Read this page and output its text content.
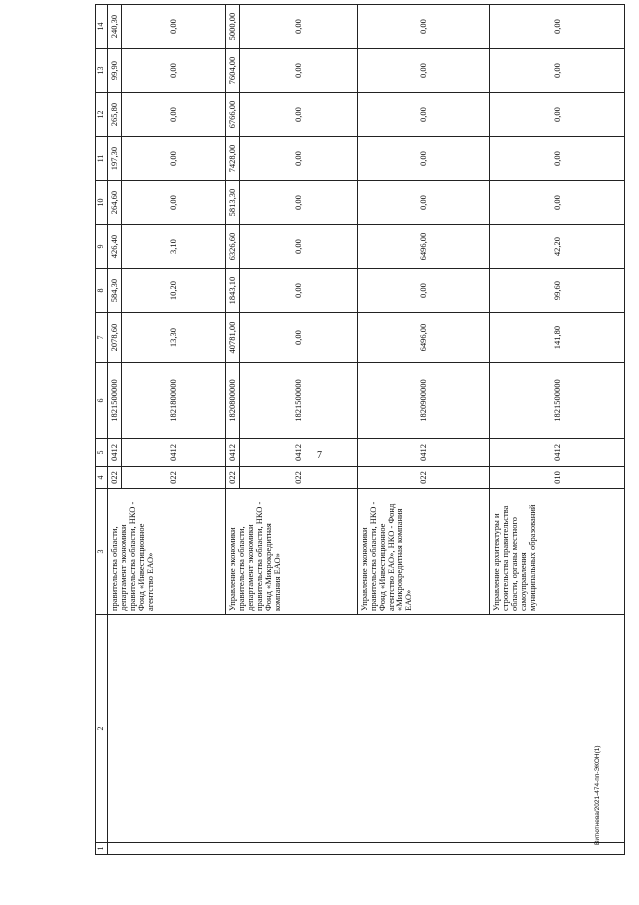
7
1	2	3	4	5	6	7	8	9	10	11	12	13	14
		правительства области, департамент экономики правительства области, НКО - Фонд «Инвестиционное агентство ЕАО»	022	0412	1821500000	2078,60	584,30	426,40	264,60	197,30	265,80	99,90	240,30
			022	0412	1821800000	13,30	10,20	3,10	0,00	0,00	0,00	0,00	0,00
		Управление экономики правительства области, департамент экономики правительства области, НКО - Фонд «Микрокредитная компания ЕАО»	022	0412	1820800000	40781,00	1843,10	6326,60	5813,30	7428,00	6766,00	7604,00	5000,00
			022	0412	1821500000	0,00	0,00	0,00	0,00	0,00	0,00	0,00	0,00
		Управление экономики правительства области, НКО - Фонд «Инвестиционное агентство ЕАО», НКО - Фонд «Микрокредитная компания ЕАО»	022	0412	1820900000	6496,00	0,00	6496,00	0,00	0,00	0,00	0,00	0,00
		Управление архитектуры и строительства правительства области, органы местного самоуправления муниципальных образований	010	0412	1821500000	141,80	99,60	42,20	0,00	0,00	0,00	0,00	0,00
Витютнева/2021-474-пп-ЭКОН(1)
